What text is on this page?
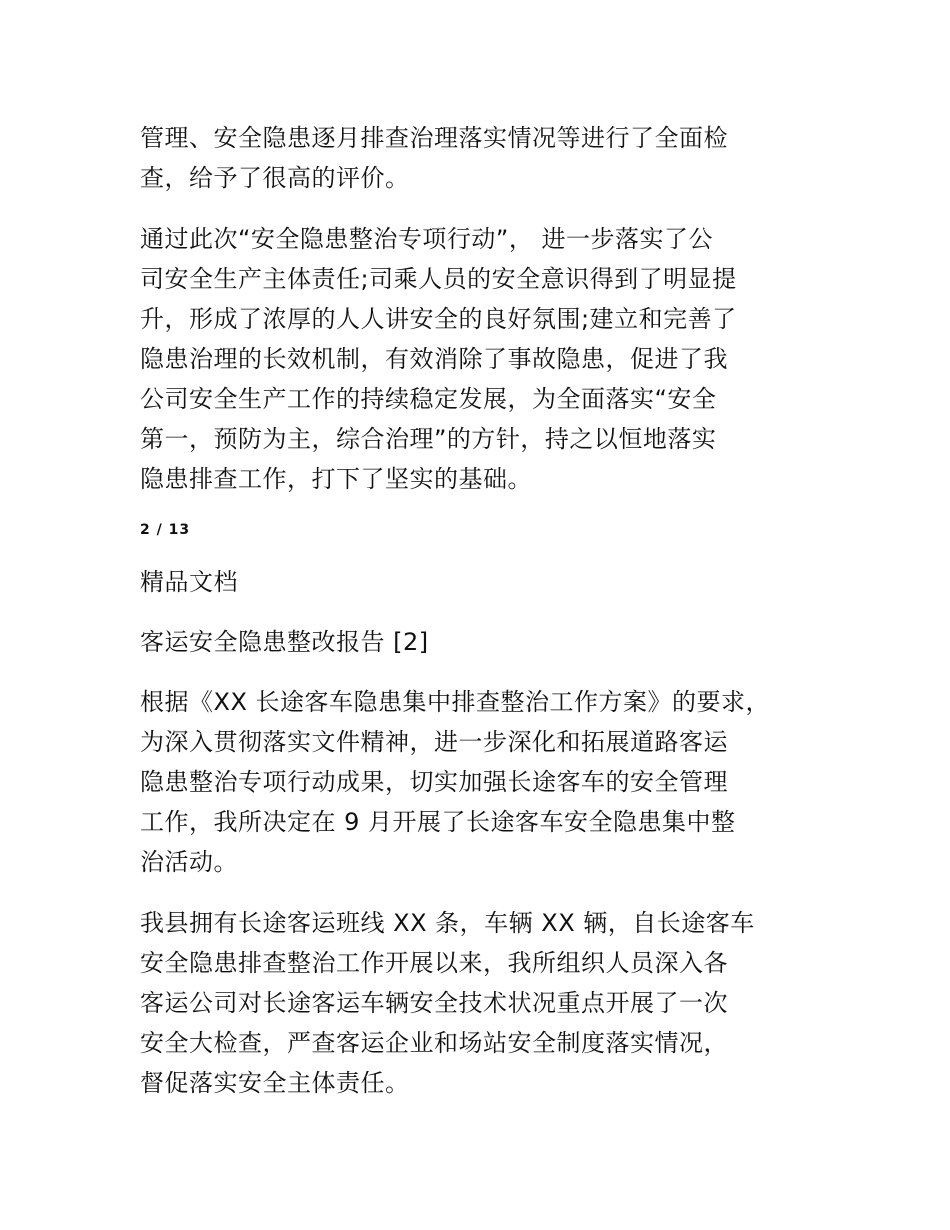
管理、安全隐患逐月排查治理落实情况等进行了全面检
查，给予了很高的评价。
通过此次“安全隐患整治专项行动”， 进一步落实了公
司安全生产主体责任;司乘人员的安全意识得到了明显提
升，形成了浓厚的人人讲安全的良好氛围;建立和完善了
隐患治理的长效机制，有效消除了事故隐患，促进了我
公司安全生产工作的持续稳定发展，为全面落实“安全
第一，预防为主，综合治理”的方针，持之以恒地落实
隐患排查工作，打下了坚实的基础。
2 / 13
精品文档
客运安全隐患整改报告 [2]
根据《XX 长途客车隐患集中排查整治工作方案》的要求，
为深入贯彻落实文件精神，进一步深化和拓展道路客运
隐患整治专项行动成果，切实加强长途客车的安全管理
工作，我所决定在 9 月开展了长途客车安全隐患集中整
治活动。
我县拥有长途客运班线 XX 条，车辆 XX 辆，自长途客车
安全隐患排查整治工作开展以来，我所组织人员深入各
客运公司对长途客运车辆安全技术状况重点开展了一次
安全大检查，严查客运企业和场站安全制度落实情况，
督促落实安全主体责任。
